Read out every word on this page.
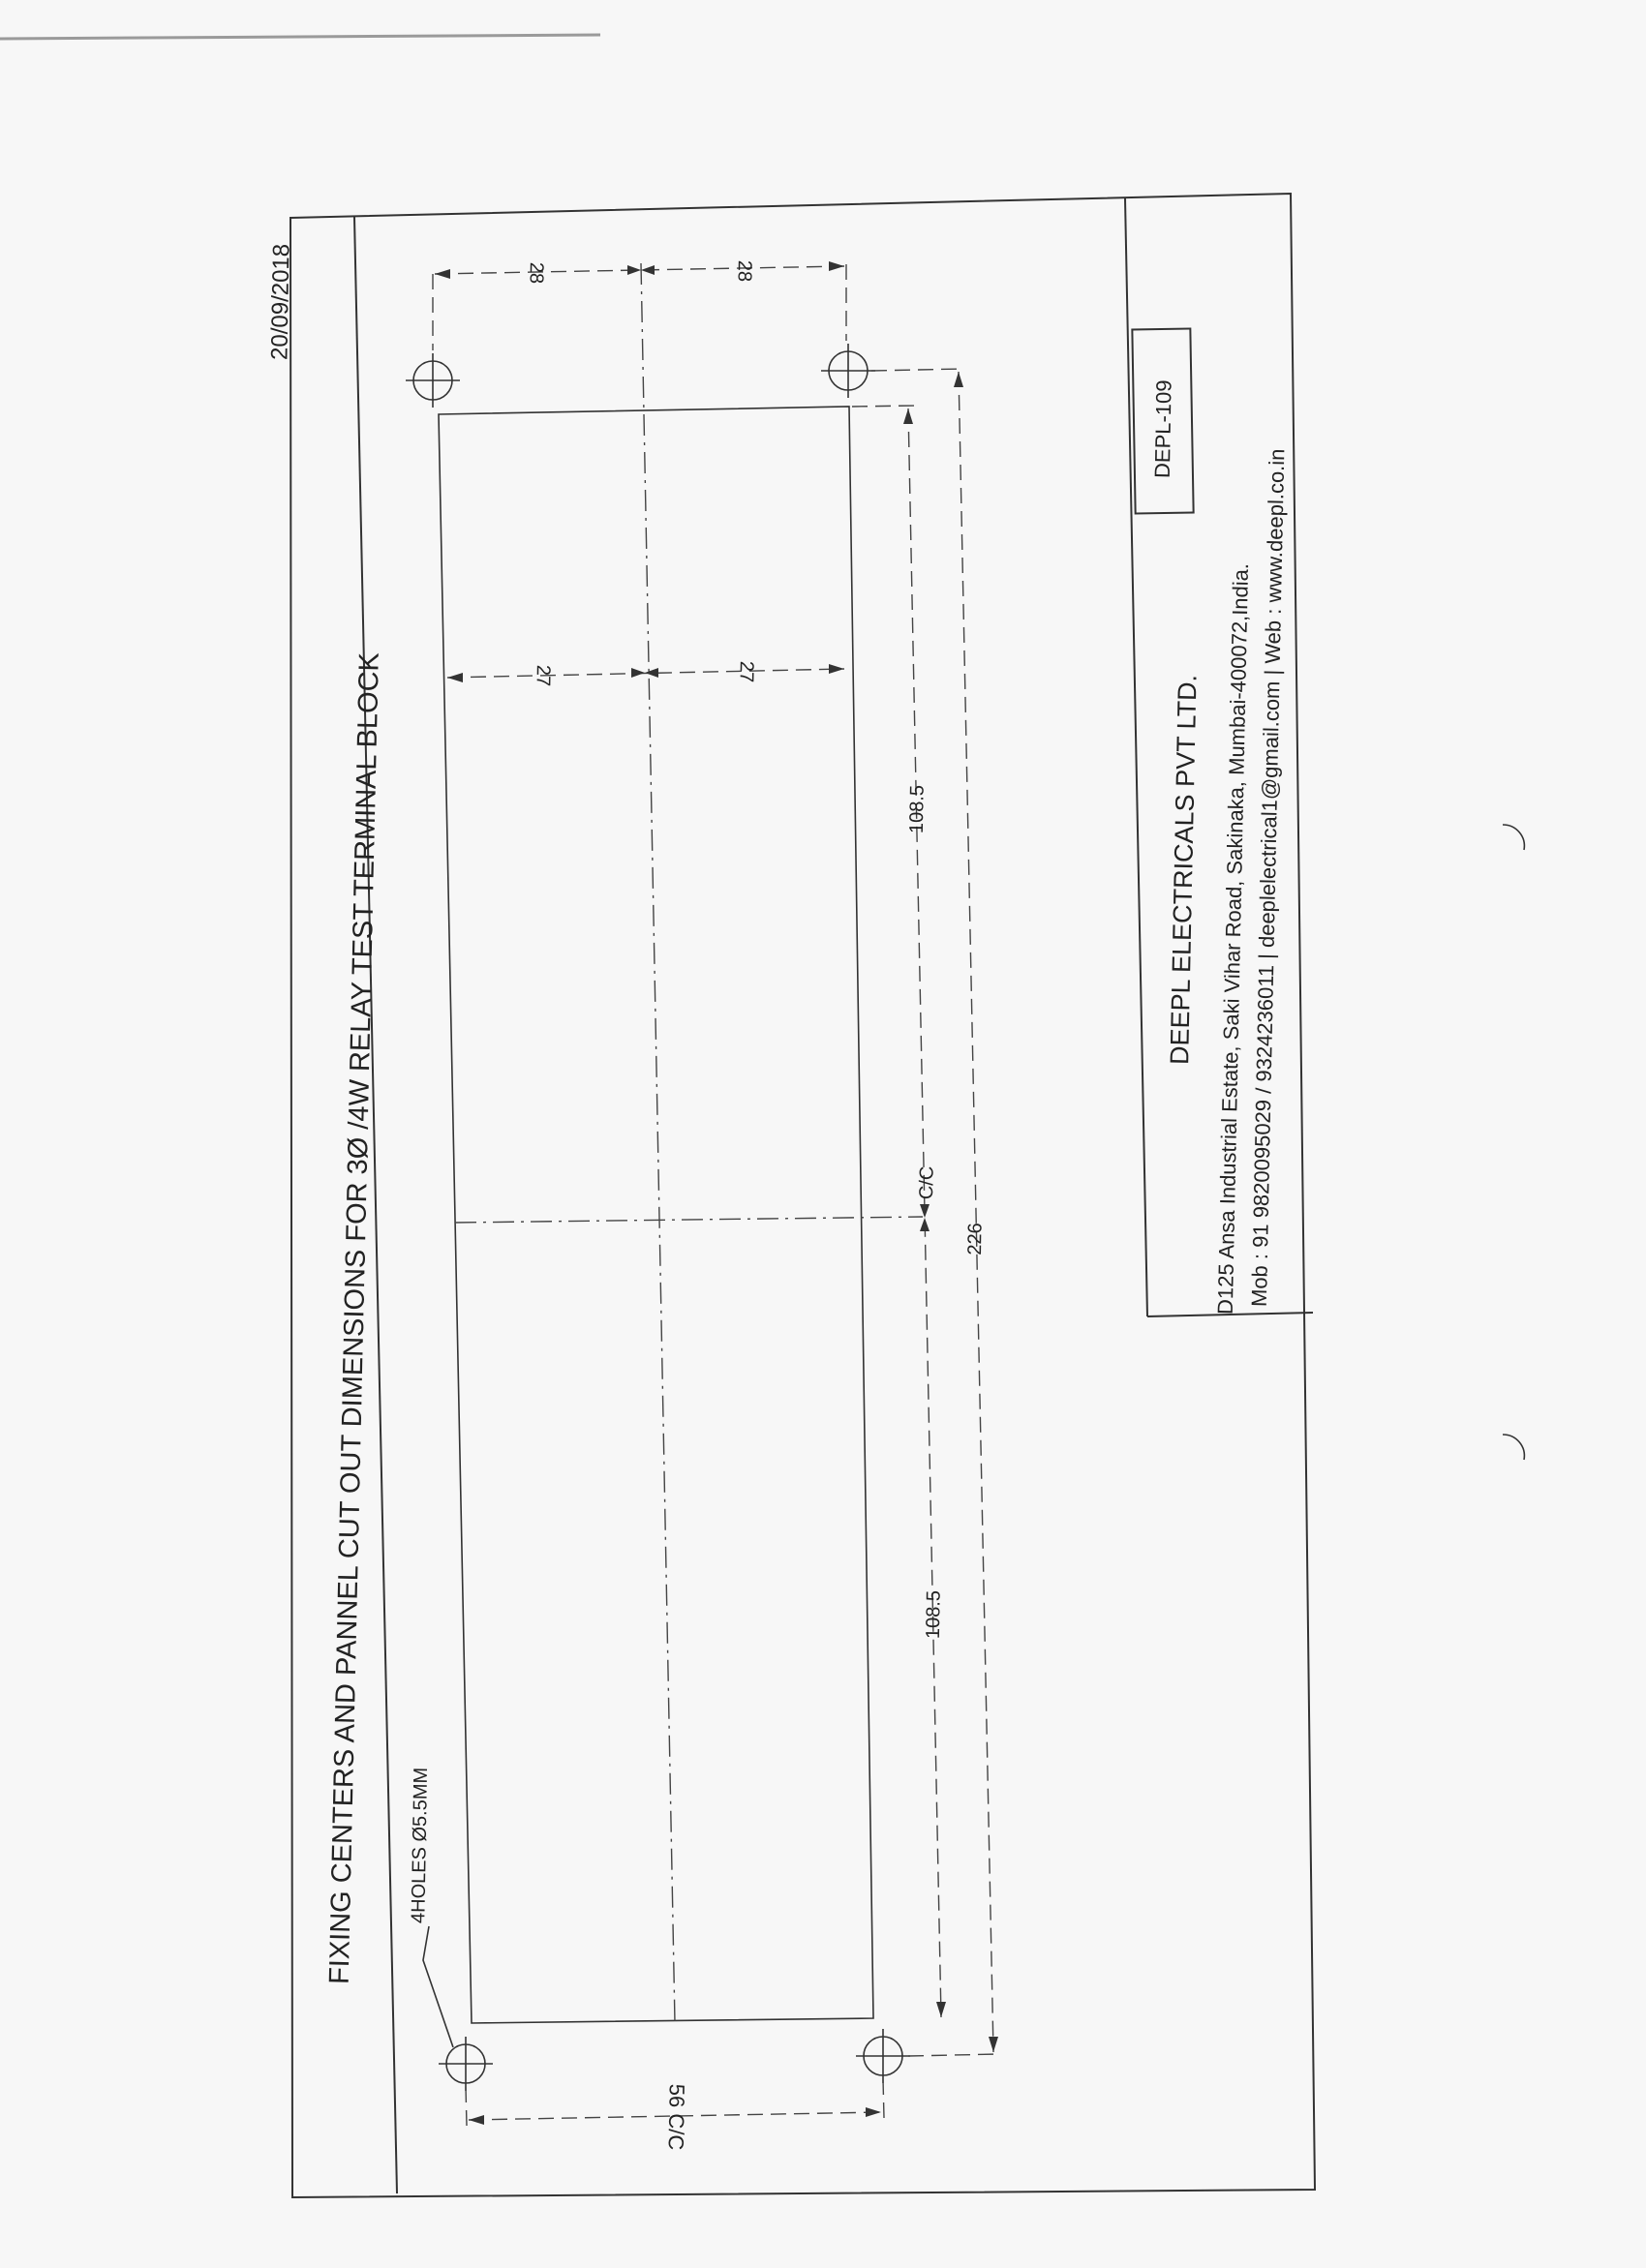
28	28
27	27
108.5
108.5
C/C
226
56 C/C
4HOLES Ø5.5MM
FIXING CENTERS AND PANNEL CUT OUT DIMENSIONS FOR 3Ø /4W RELAY TEST TERMINAL BLOCK
20/09/2018
DEPL-109
DEEPL ELECTRICALS PVT LTD. D125 Ansa Industrial Estate, Saki Vihar Road, Sakinaka, Mumbai-400072,India.
Mob : 91 9820095029 / 9324236011 | deeplelectrical1@gmail.com | Web : www.deepl.co.in
